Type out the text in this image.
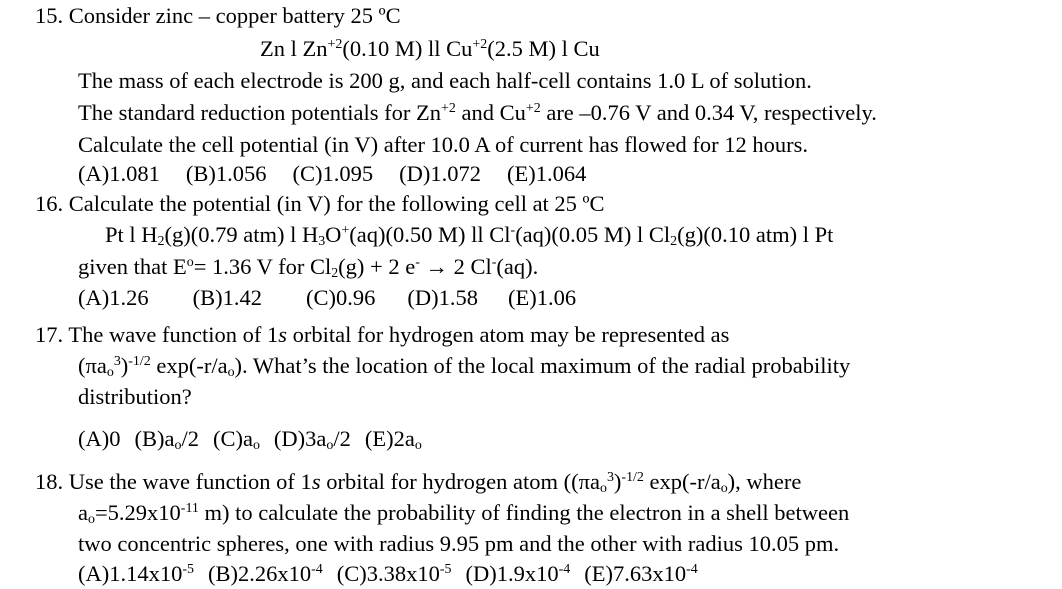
15. Consider zinc – copper battery 25 ºC
Zn l $Zn^{+2}(0.10$ M) ll $Cu^{+2}(2.5$ M) l Cu
The mass of each electrode is 200 g, and each half-cell contains 1.0 L of solution.
The standard reduction potentials for $Zn^{+2}$ and $Cu^{+2}$ are –0.76 V and 0.34 V, respectively.
Calculate the cell potential (in V) after 10.0 A of current has flowed for 12 hours.
(A)1.081 (B)1.056 (C)1.095 (D)1.072 (E)1.064
16. Calculate the potential (in V) for the following cell at 25 ºC
Pt l $H_2(g)(0.79$ atm) l $H_3O^+(aq)(0.50$ M) ll Cl-(aq)(0.05 M) l $Cl_2(g)(0.10$ atm) l Pt
given that $E^o= 1.36$ V for $Cl_2(g) + 2$ e- → 2 Cl-(aq).
(A)1.26 (B)1.42 (C)0.96 (D)1.58 (E)1.06
17. The wave function of 1s orbital for hydrogen atom may be represented as
$(\pi a_o^3)^{-1/2}$ $\exp(-r/a_o)$. What’s the location of the local maximum of the radial probability
distribution?
(A)0 $(B)a_o/2$ $(C)a_o$ $(D)3a_o/2$ $(E)2a_o$
18. Use the wave function of 1s orbital for hydrogen atom ($(\pi a_o^3)^{-1/2}$ $\exp(-r/a_o)$, where
$a_o=5.29x10^{-11}$ m) to calculate the probability of finding the electron in a shell between
two concentric spheres, one with radius 9.95 pm and the other with radius 10.05 pm.
$(A)1.14x10^{-5}$ $(B)2.26x10^{-4}$ $(C)3.38x10^{-5}$ $(D)1.9x10^{-4}$ $(E)7.63x10^{-4}$
